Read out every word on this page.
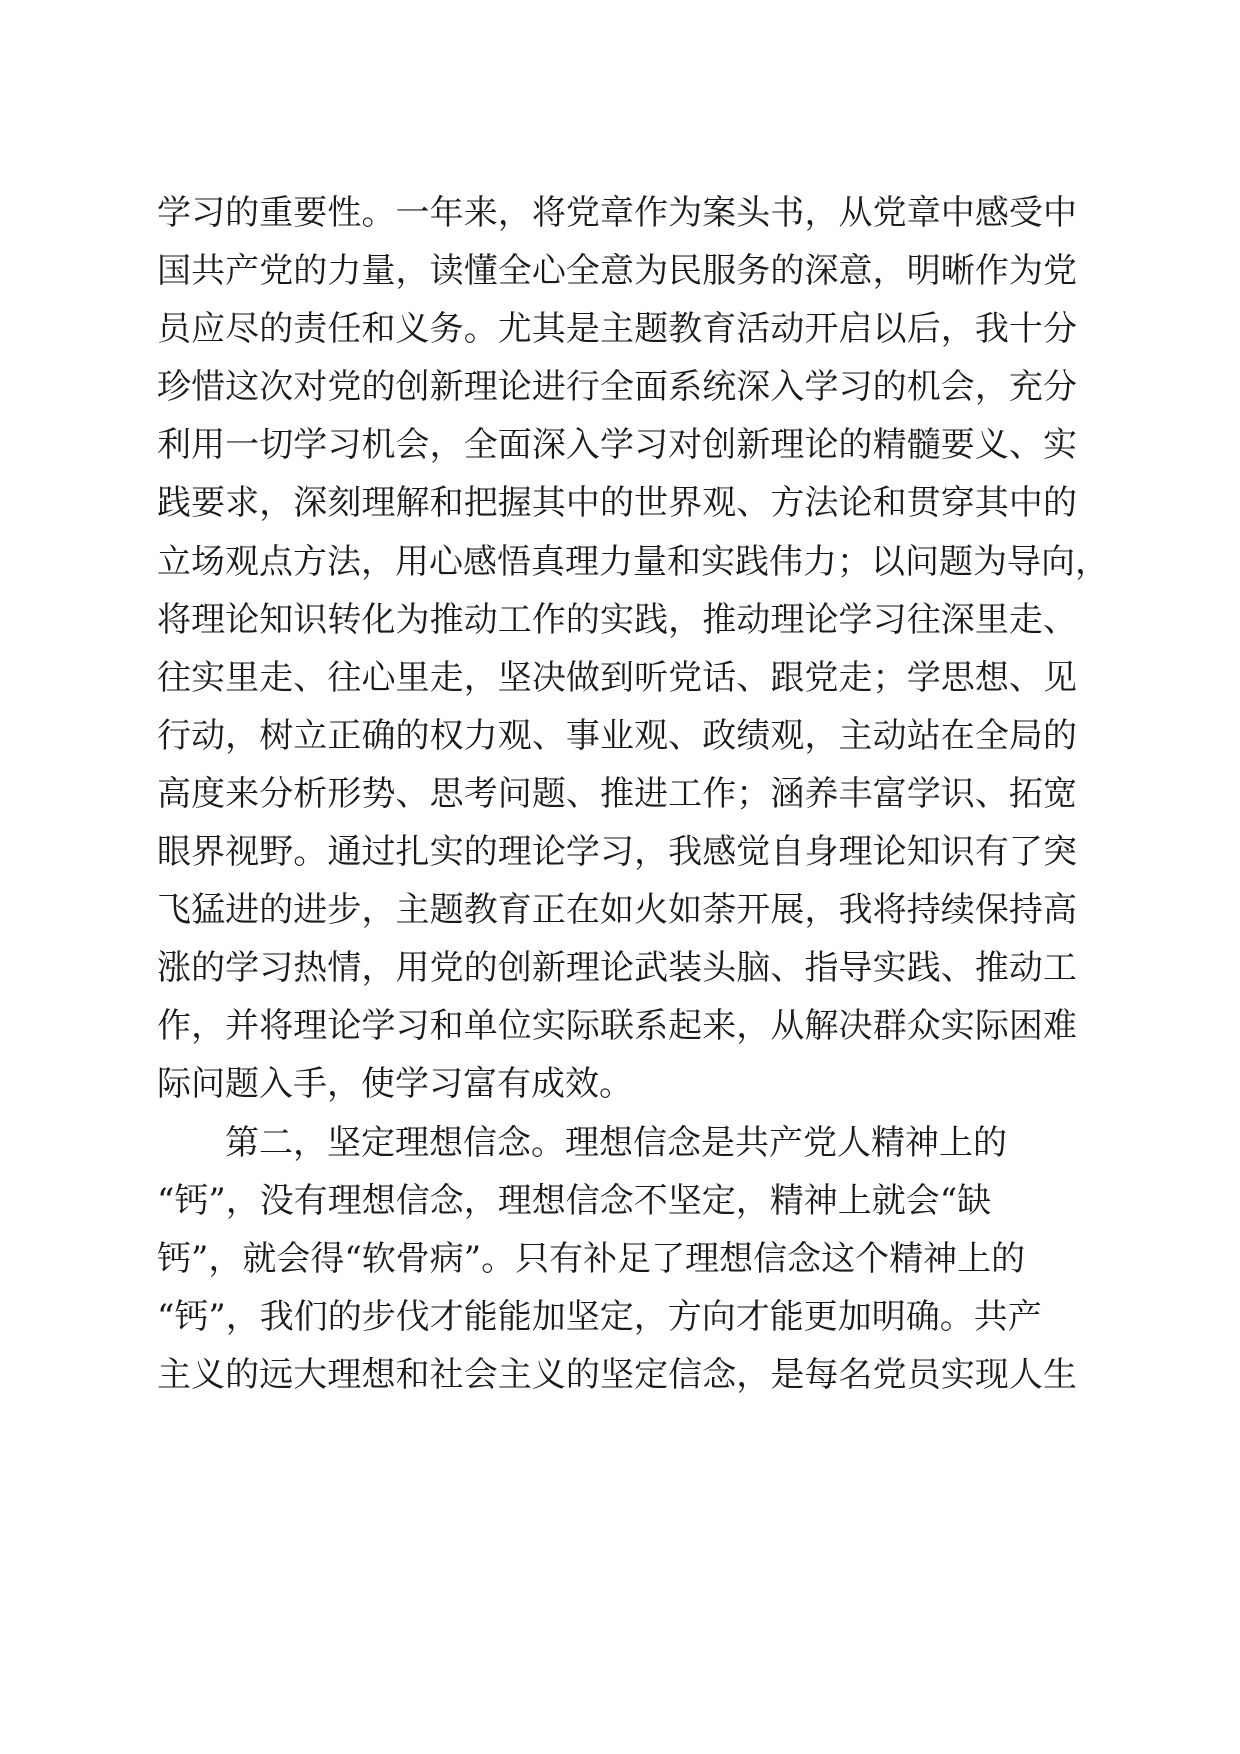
学习的重要性。一年来，将党章作为案头书，从党章中感受中
国共产党的力量，读懂全心全意为民服务的深意，明晰作为党
员应尽的责任和义务。尤其是主题教育活动开启以后，我十分
珍惜这次对党的创新理论进行全面系统深入学习的机会，充分
利用一切学习机会，全面深入学习对创新理论的精髓要义、实
践要求，深刻理解和把握其中的世界观、方法论和贯穿其中的
立场观点方法，用心感悟真理力量和实践伟力；以问题为导向，
将理论知识转化为推动工作的实践，推动理论学习往深里走、
往实里走、往心里走，坚决做到听党话、跟党走；学思想、见
行动，树立正确的权力观、事业观、政绩观，主动站在全局的
高度来分析形势、思考问题、推进工作；涵养丰富学识、拓宽
眼界视野。通过扎实的理论学习，我感觉自身理论知识有了突
飞猛进的进步，主题教育正在如火如荼开展，我将持续保持高
涨的学习热情，用党的创新理论武装头脑、指导实践、推动工
作，并将理论学习和单位实际联系起来，从解决群众实际困难
际问题入手，使学习富有成效。
第二，坚定理想信念。理想信念是共产党人精神上的
“钙”，没有理想信念，理想信念不坚定，精神上就会“缺
钙”，就会得“软骨病”。只有补足了理想信念这个精神上的
“钙”，我们的步伐才能能加坚定，方向才能更加明确。共产
主义的远大理想和社会主义的坚定信念，是每名党员实现人生
